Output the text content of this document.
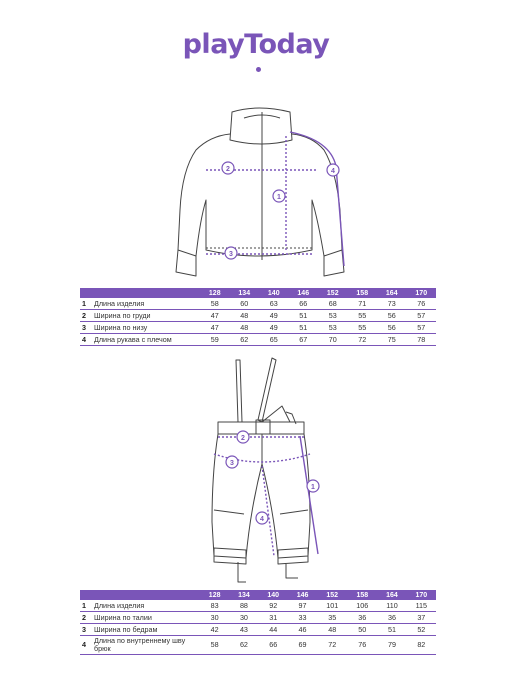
playToday
1
2
3
4
		128	134	140	146	152	158	164	170
1	Длина изделия	58	60	63	66	68	71	73	76
2	Ширина по груди	47	48	49	51	53	55	56	57
3	Ширина по низу	47	48	49	51	53	55	56	57
4	Длина рукава с плечом	59	62	65	67	70	72	75	78
1
2
3
4
		128	134	140	146	152	158	164	170
1	Длина изделия	83	88	92	97	101	106	110	115
2	Ширина по талии	30	30	31	33	35	36	36	37
3	Ширина по бедрам	42	43	44	46	48	50	51	52
4	Длина по внутреннему шву брюк	58	62	66	69	72	76	79	82
